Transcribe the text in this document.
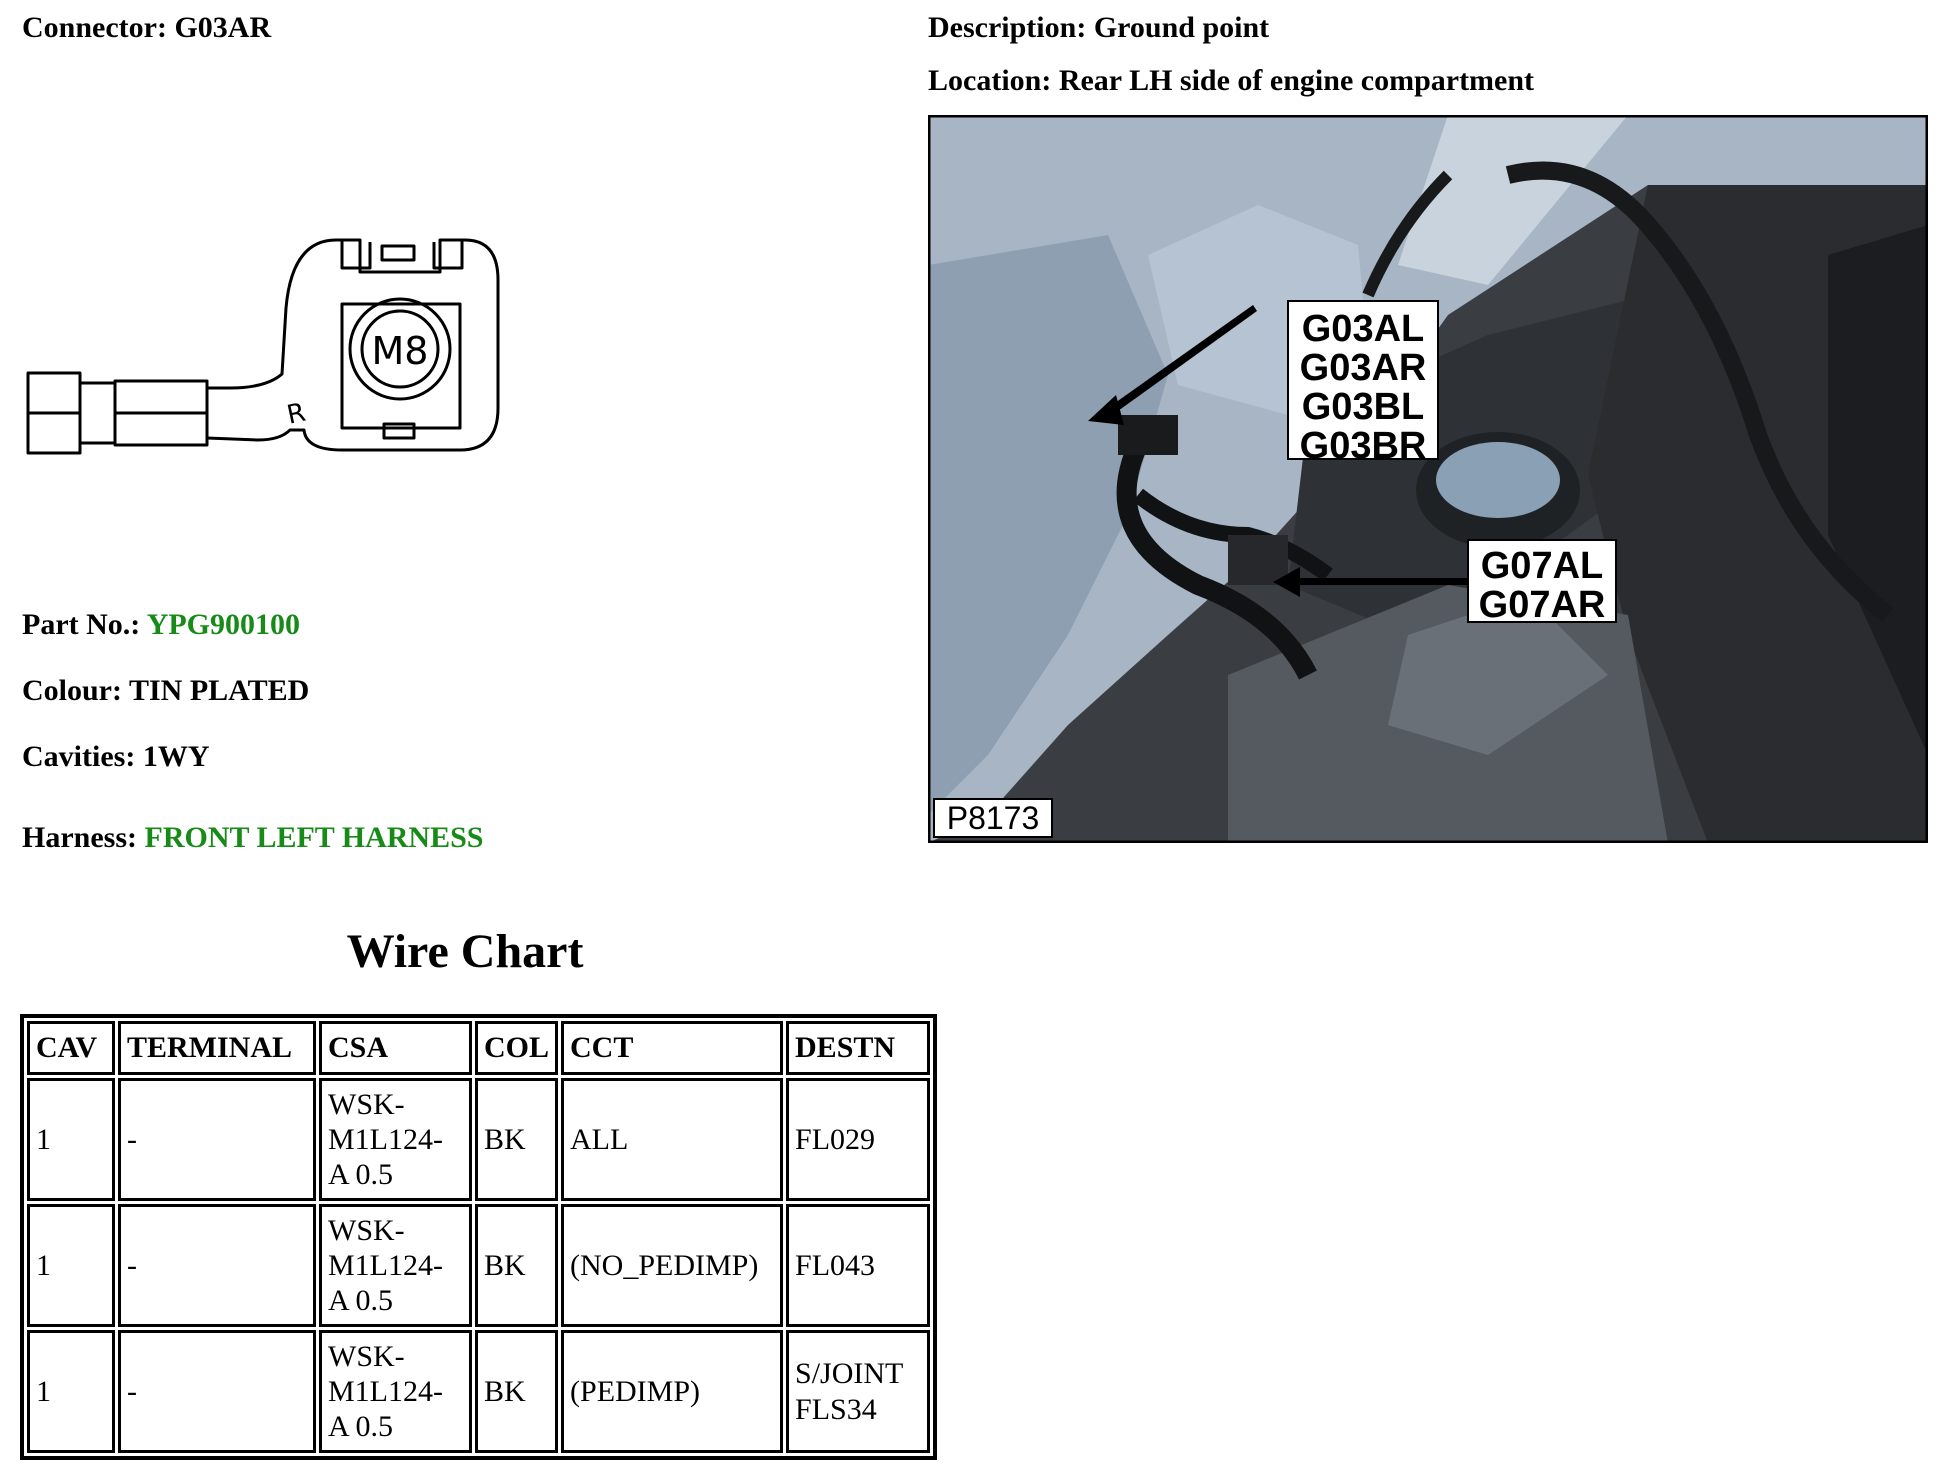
Connector: G03AR	Description: Ground point
Location: Rear LH side of engine compartment
M8
R
G03AL
G03AR
G03BL
G03BR
G07AL
G07AR
P8173
Part No.: YPG900100
Colour: TIN PLATED
Cavities: 1WY
Harness: FRONT LEFT HARNESS
Wire Chart
CAV	TERMINAL	CSA	COL	CCT	DESTN
1	-	WSK-M1L124-A 0.5	BK	ALL	FL029
1	-	WSK-M1L124-A 0.5	BK	(NO_PEDIMP)	FL043
1	-	WSK-M1L124-A 0.5	BK	(PEDIMP)	S/JOINT FLS34
